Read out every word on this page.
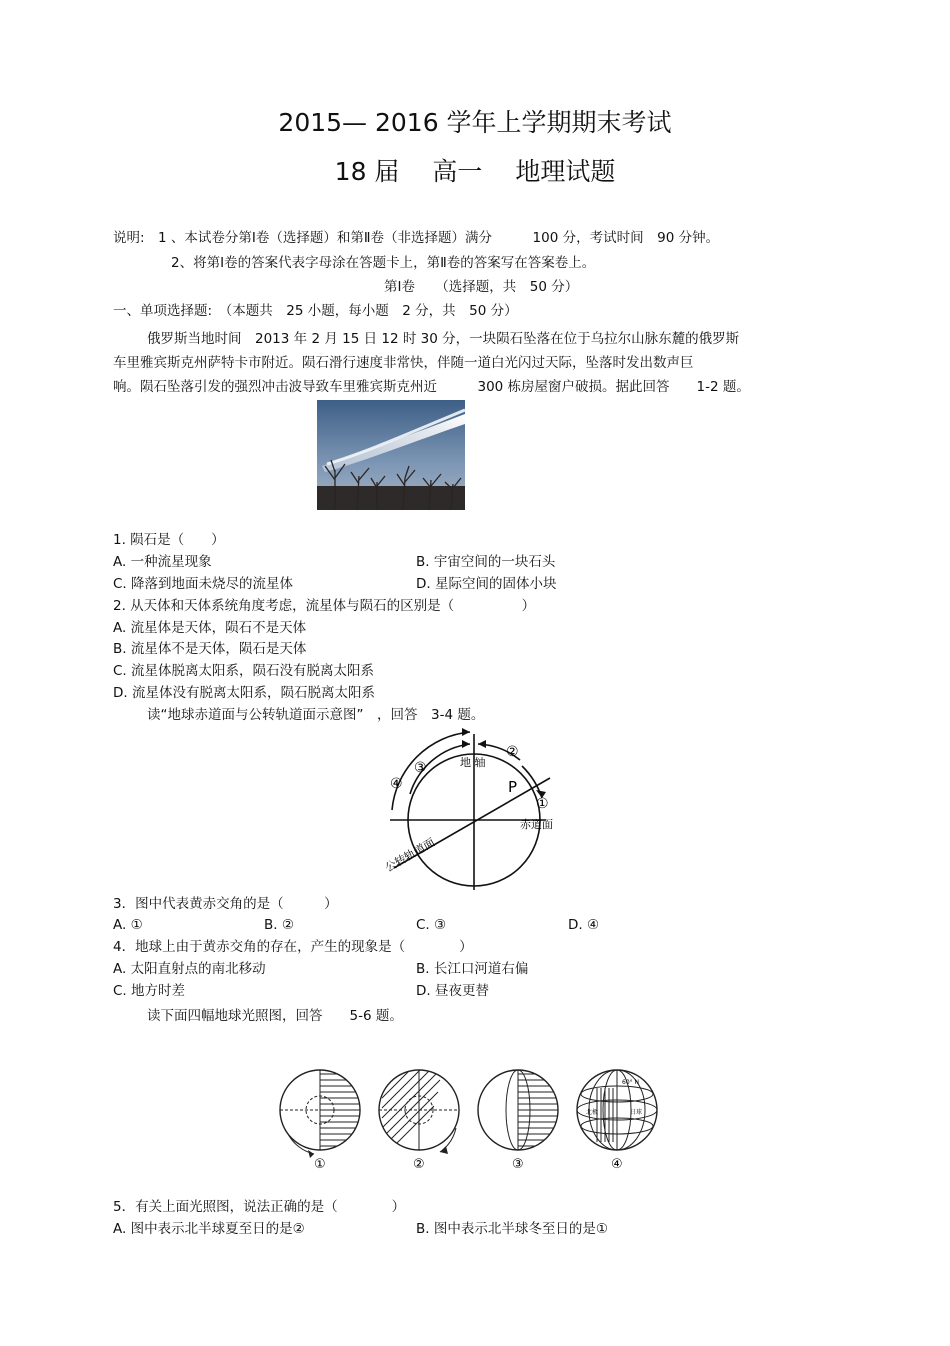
2015— 2016 学年上学期期末考试
18 届　 高一　 地理试题
说明:　1 、本试卷分第Ⅰ卷（选择题）和第Ⅱ卷（非选择题）满分　　　100 分，考试时间　90 分钟。
2、将第Ⅰ卷的答案代表字母涂在答题卡上，第Ⅱ卷的答案写在答案卷上。
第Ⅰ卷　　（选择题，共　50 分）
一、单项选择题:　（本题共　25 小题，每小题　2 分，共　50 分）
俄罗斯当地时间　2013 年 2 月 15 日 12 时 30 分，一块陨石坠落在位于乌拉尔山脉东麓的俄罗斯
车里雅宾斯克州萨特卡市附近。陨石滑行速度非常快，伴随一道白光闪过天际，坠落时发出数声巨
响。陨石坠落引发的强烈冲击波导致车里雅宾斯克州近　　　300 栋房屋窗户破损。据此回答　　1-2 题。
1. 陨石是（　　）
A. 一种流星现象	B. 宇宙空间的一块石头
C. 降落到地面未烧尽的流星体	D. 星际空间的固体小块
2. 从天体和天体系统角度考虑，流星体与陨石的区别是（　　　　　）
A. 流星体是天体，陨石不是天体
B. 流星体不是天体，陨石是天体
C. 流星体脱离太阳系，陨石没有脱离太阳系
D. 流星体没有脱离太阳系，陨石脱离太阳系
读“地球赤道面与公转轨道面示意图”　，回答　3-4 题。
地 轴
P
赤道面
公转轨道面
①
②
③
④
3．图中代表黄赤交角的是（　　　）
A. ①	B. ②	C. ③	D. ④
4．地球上由于黄赤交角的存在，产生的现象是（　　　　）
A. 太阳直射点的南北移动	B. 长江口河道右偏
C. 地方时差	D. 昼夜更替
读下面四幅地球光照图，回答　　5-6 题。
60° N
北极	日球
①	②	③	④
5．有关上面光照图，说法正确的是（　　　　）
A. 图中表示北半球夏至日的是②	B. 图中表示北半球冬至日的是①
